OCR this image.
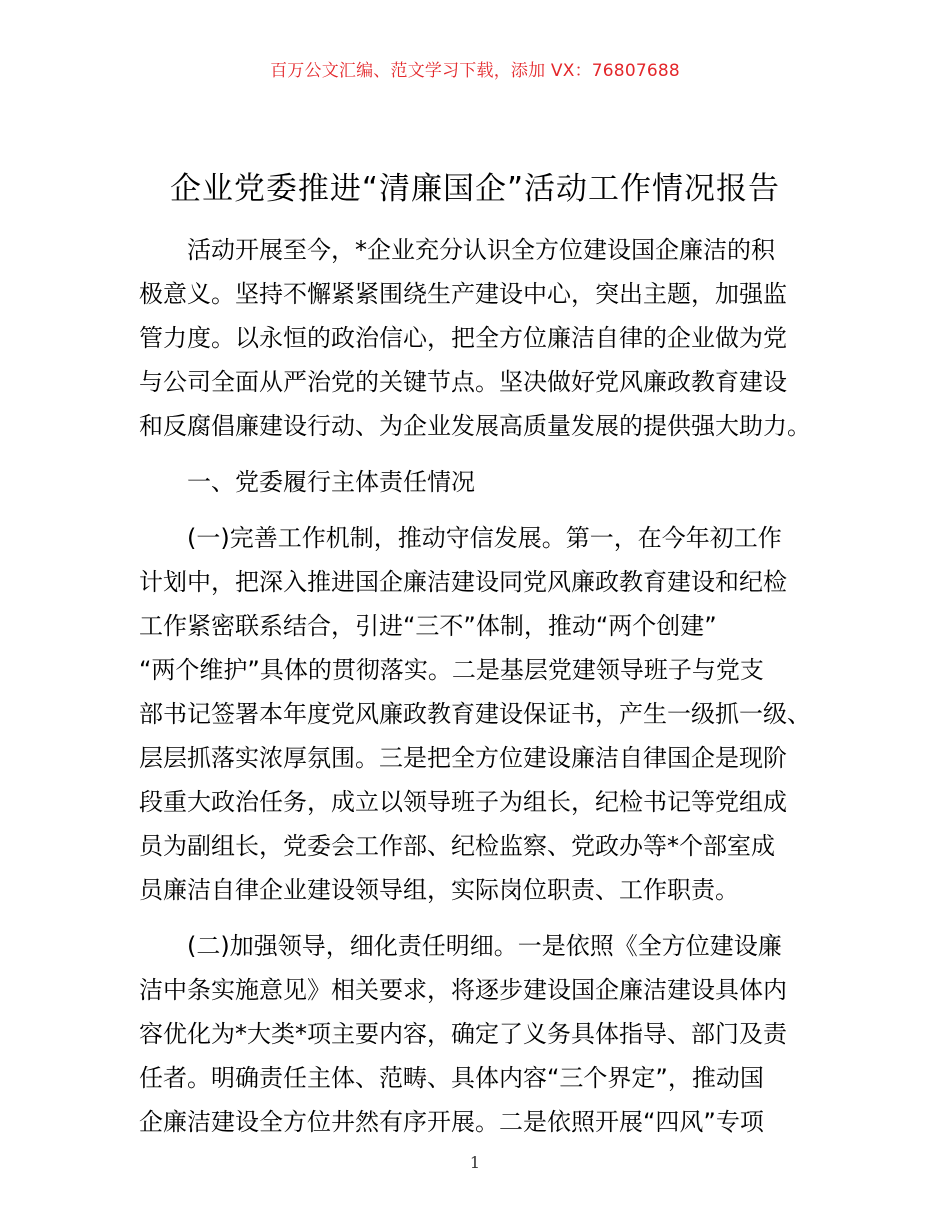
百万公文汇编、范文学习下载，添加 VX：76807688
企业党委推进“清廉国企”活动工作情况报告
活动开展至今，*企业充分认识全方位建设国企廉洁的积
极意义。坚持不懈紧紧围绕生产建设中心，突出主题，加强监
管力度。以永恒的政治信心，把全方位廉洁自律的企业做为党
与公司全面从严治党的关键节点。坚决做好党风廉政教育建设
和反腐倡廉建设行动、为企业发展高质量发展的提供强大助力。
一、党委履行主体责任情况
(一)完善工作机制，推动守信发展。第一，在今年初工作
计划中，把深入推进国企廉洁建设同党风廉政教育建设和纪检
工作紧密联系结合，引进“三不”体制，推动“两个创建”
“两个维护”具体的贯彻落实。二是基层党建领导班子与党支
部书记签署本年度党风廉政教育建设保证书，产生一级抓一级、
层层抓落实浓厚氛围。三是把全方位建设廉洁自律国企是现阶
段重大政治任务，成立以领导班子为组长，纪检书记等党组成
员为副组长，党委会工作部、纪检监察、党政办等*个部室成
员廉洁自律企业建设领导组，实际岗位职责、工作职责。
(二)加强领导，细化责任明细。一是依照《全方位建设廉
洁中条实施意见》相关要求，将逐步建设国企廉洁建设具体内
容优化为*大类*项主要内容，确定了义务具体指导、部门及责
任者。明确责任主体、范畴、具体内容“三个界定”，推动国
企廉洁建设全方位井然有序开展。二是依照开展“四风”专项
1
